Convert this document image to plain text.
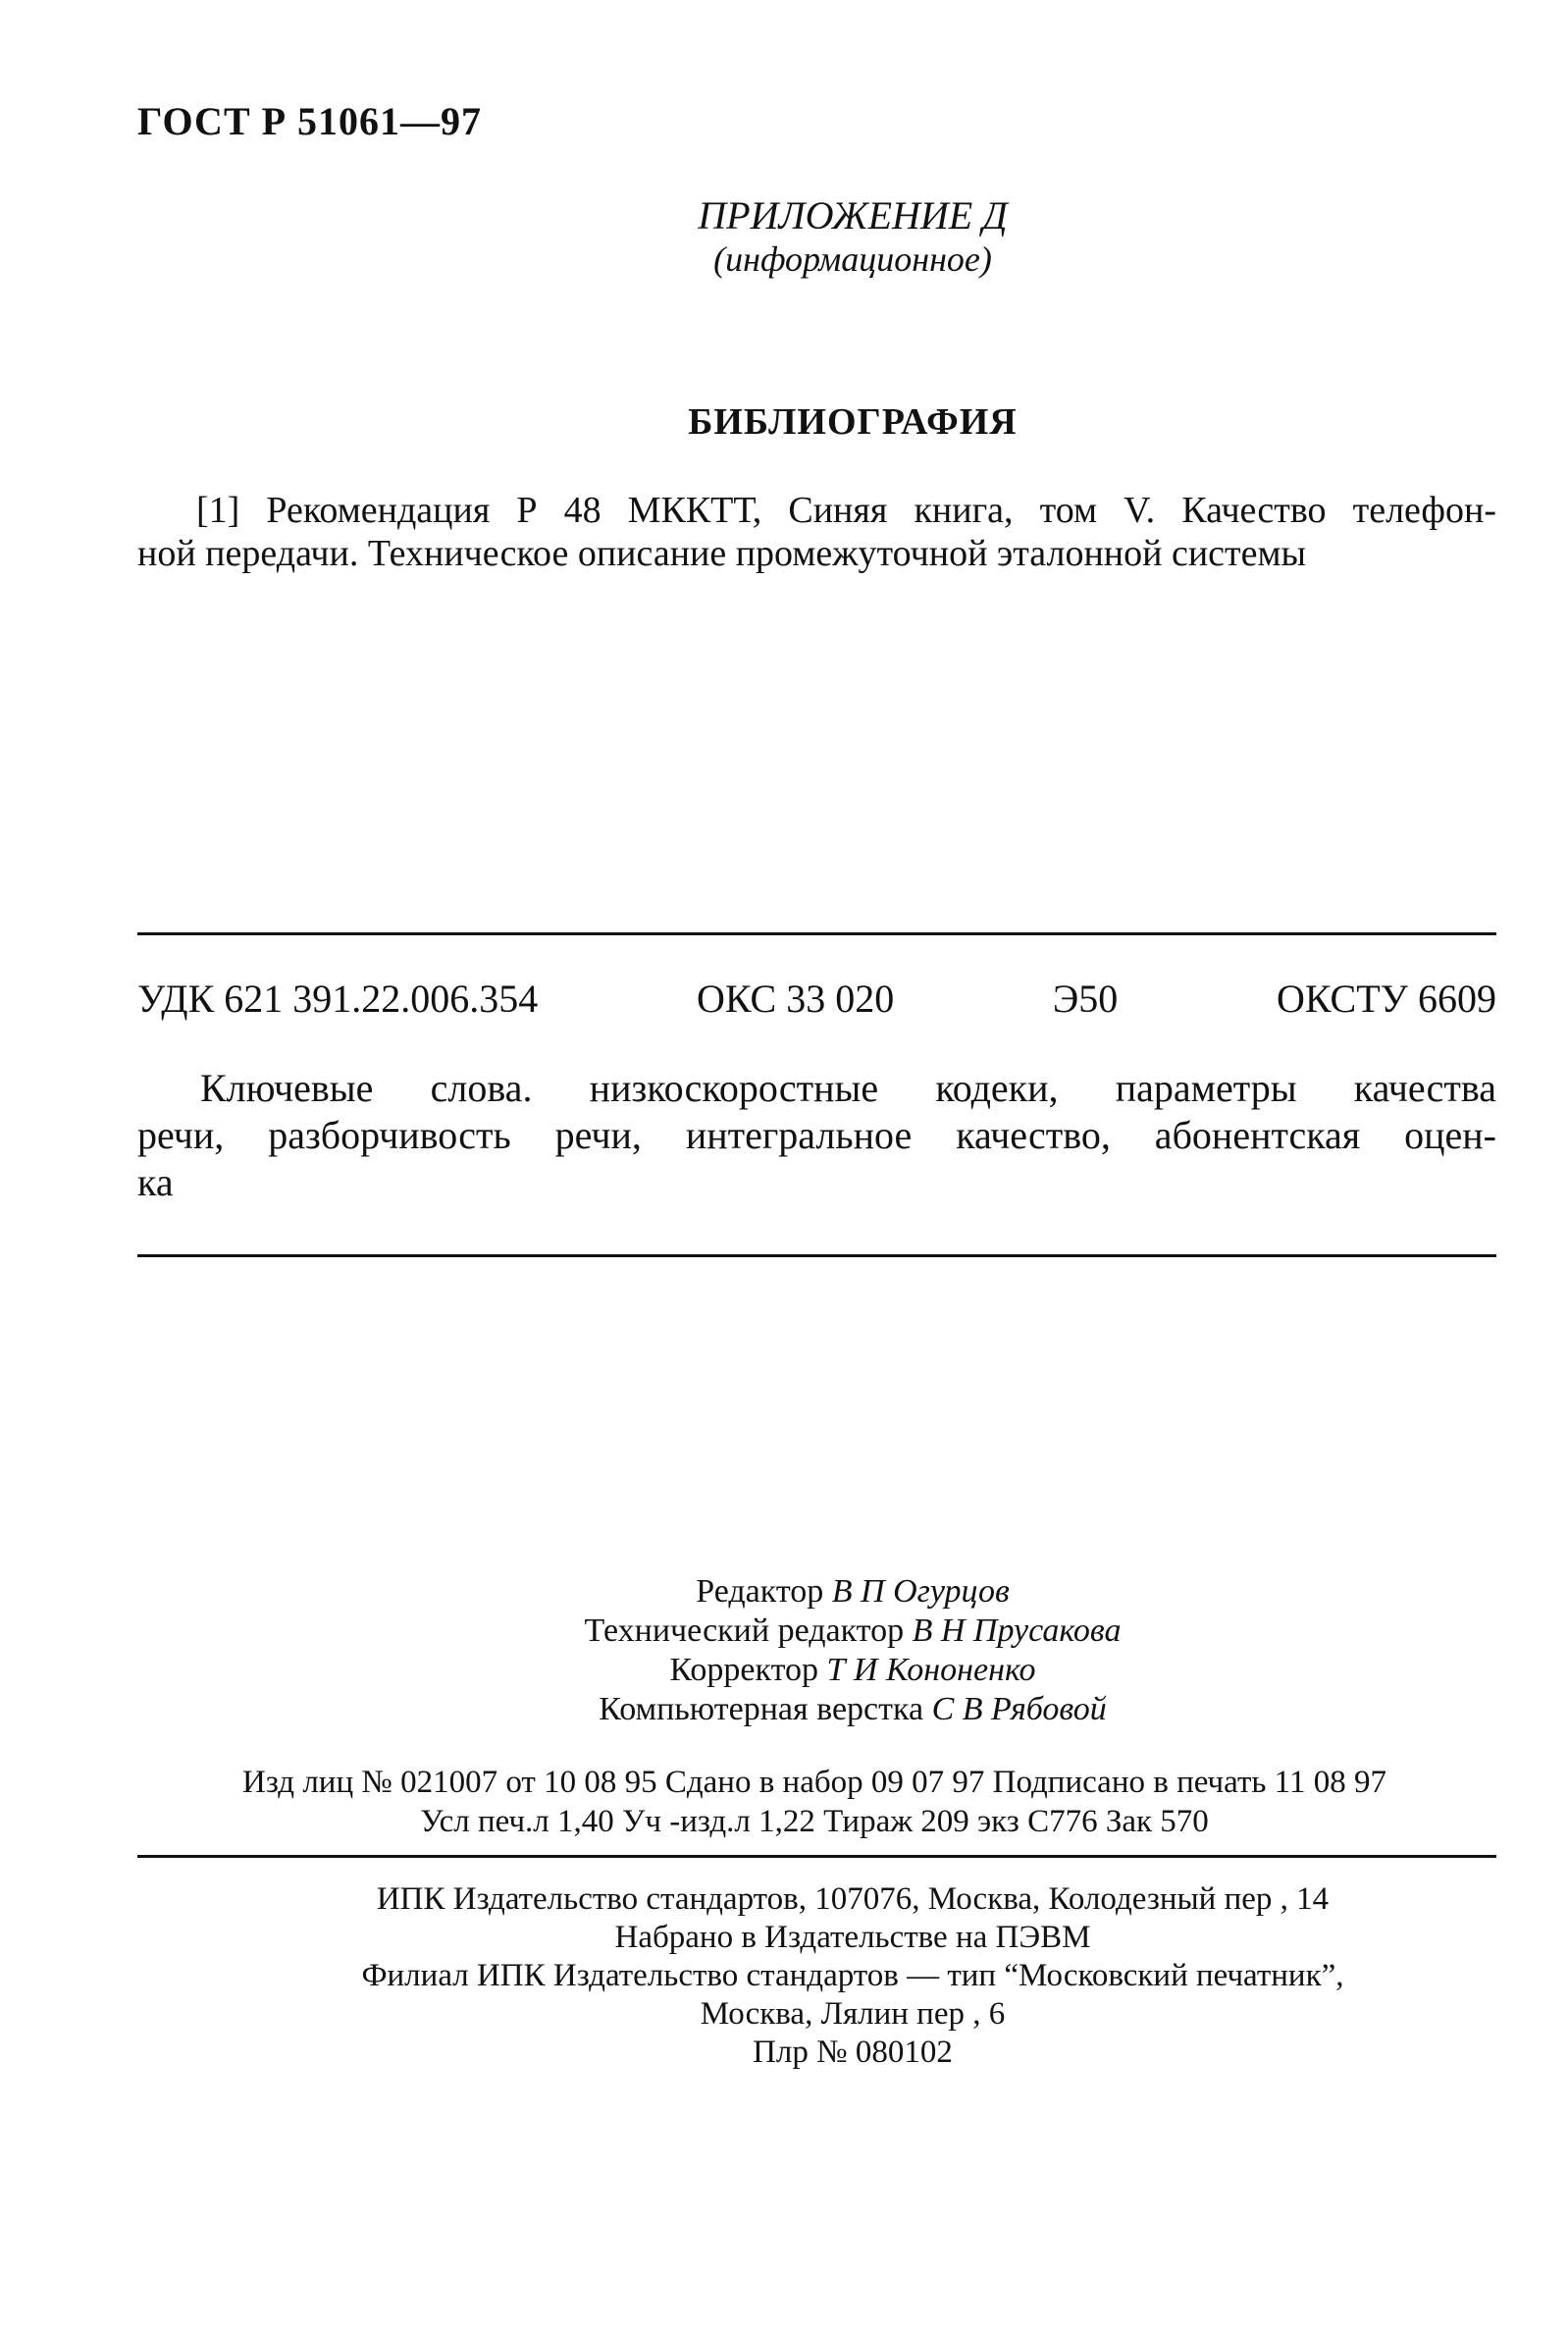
ГОСТ Р 51061—97
ПРИЛОЖЕНИЕ Д
(информационное)
БИБЛИОГРАФИЯ
[1] Рекомендация Р 48 МККТТ, Синяя книга, том V. Качество телефон-
ной передачи. Техническое описание промежуточной эталонной системы
УДК 621 391.22.006.354	ОКС 33 020	Э50	ОКСТУ 6609
Ключевые слова. низкоскоростные кодеки, параметры качества
речи, разборчивость речи, интегральное качество, абонентская оцен-
ка
Редактор В П Огурцов
Технический редактор В Н Прусакова
Корректор Т И Кононенко
Компьютерная верстка С В Рябовой
Изд лиц № 021007 от 10 08 95 Сдано в набор 09 07 97 Подписано в печать 11 08 97
Усл печ.л 1,40 Уч -изд.л 1,22 Тираж 209 экз С776 Зак 570
ИПК Издательство стандартов, 107076, Москва, Колодезный пер , 14
Набрано в Издательстве на ПЭВМ
Филиал ИПК Издательство стандартов — тип “Московский печатник”,
Москва, Лялин пер , 6
Плр № 080102
